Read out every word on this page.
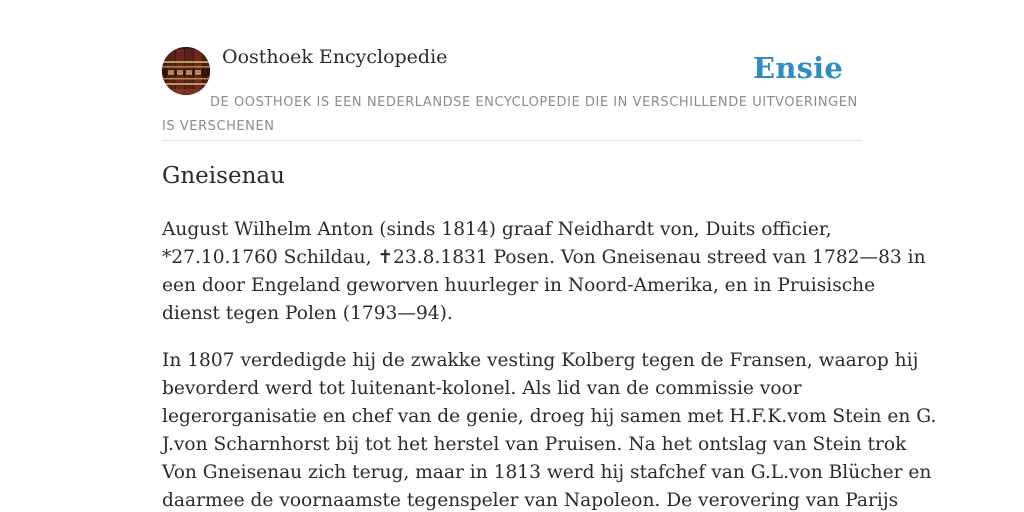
Oosthoek Encyclopedie	Ensie
DE OOSTHOEK IS EEN NEDERLANDSE ENCYCLOPEDIE DIE IN VERSCHILLENDE UITVOERINGEN IS VERSCHENEN
Gneisenau

August Wilhelm Anton (sinds 1814) graaf Neidhardt von, Duits officier,
*27.10.1760 Schildau, ✝23.8.1831 Posen. Von Gneisenau streed van 1782—83 in
een door Engeland geworven huurleger in Noord-Amerika, en in Pruisische
dienst tegen Polen (1793—94).

In 1807 verdedigde hij de zwakke vesting Kolberg tegen de Fransen, waarop hij
bevorderd werd tot luitenant-kolonel. Als lid van de commissie voor
legerorganisatie en chef van de genie, droeg hij samen met H.F.K.vom Stein en G.
J.von Scharnhorst bij tot het herstel van Pruisen. Na het ontslag van Stein trok
Von Gneisenau zich terug, maar in 1813 werd hij stafchef van G.L.von Blücher en
daarmee de voornaamste tegenspeler van Napoleon. De verovering van Parijs
